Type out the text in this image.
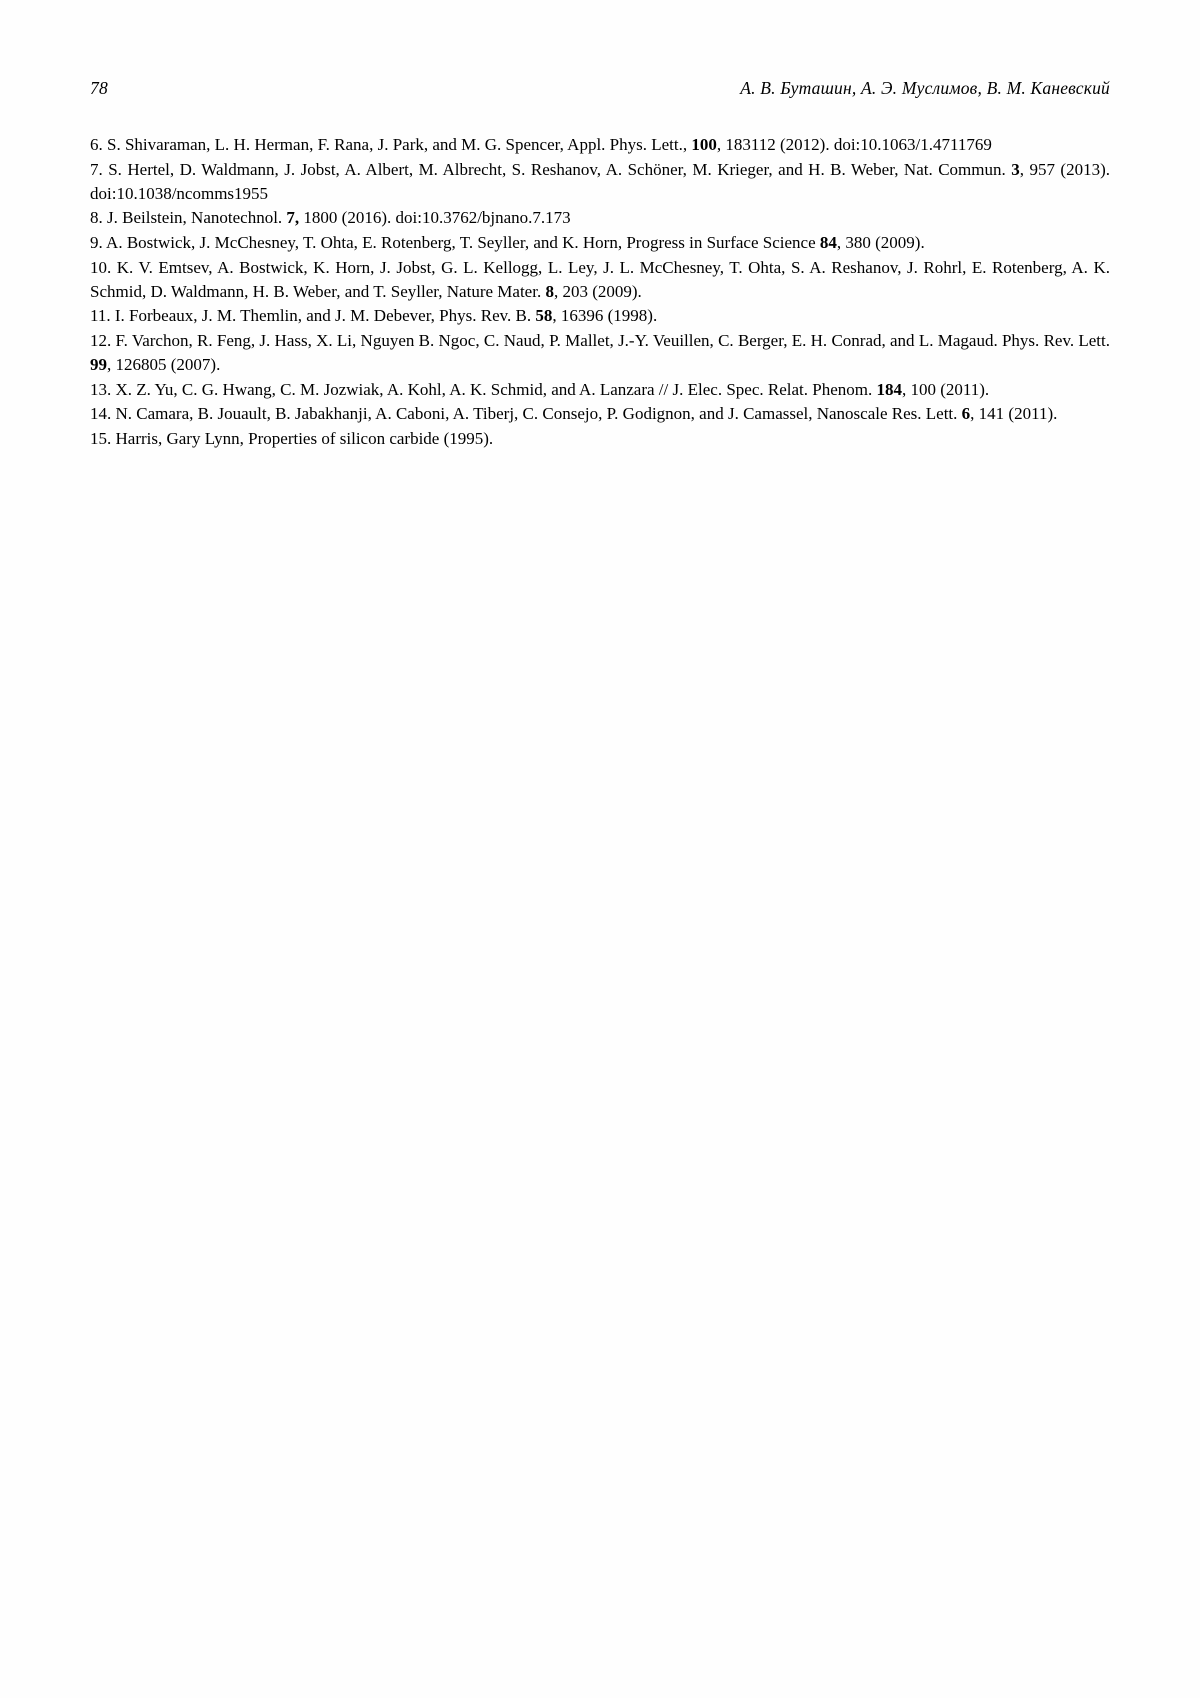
78	А. В. Буташин, А. Э. Муслимов, В. М. Каневский

6. S. Shivaraman, L. H. Herman, F. Rana, J. Park, and M. G. Spencer, Appl. Phys. Lett., 100, 183112 (2012). doi:10.1063/1.4711769

7. S. Hertel, D. Waldmann, J. Jobst, A. Albert, M. Albrecht, S. Reshanov, A. Schöner, M. Krieger, and H. B. Weber, Nat. Commun. 3, 957 (2013). doi:10.1038/ncomms1955

8. J. Beilstein, Nanotechnol. 7, 1800 (2016). doi:10.3762/bjnano.7.173

9. A. Bostwick, J. McChesney, T. Ohta, E. Rotenberg, T. Seyller, and K. Horn, Progress in Surface Science 84, 380 (2009).

10. K. V. Emtsev, A. Bostwick, K. Horn, J. Jobst, G. L. Kellogg, L. Ley, J. L. McChesney, T. Ohta, S. A. Reshanov, J. Rohrl, E. Rotenberg, A. K. Schmid, D. Waldmann, H. B. Weber, and T. Seyller, Nature Mater. 8, 203 (2009).

11. I. Forbeaux, J. M. Themlin, and J. M. Debever, Phys. Rev. B. 58, 16396 (1998).

12. F. Varchon, R. Feng, J. Hass, X. Li, Nguyen B. Ngoc, C. Naud, P. Mallet, J.-Y. Veuillen, C. Berger, E. H. Conrad, and L. Magaud. Phys. Rev. Lett. 99, 126805 (2007).

13. X. Z. Yu, C. G. Hwang, C. M. Jozwiak, A. Kohl, A. K. Schmid, and A. Lanzara // J. Elec. Spec. Relat. Phenom. 184, 100 (2011).

14. N. Camara, B. Jouault, B. Jabakhanji, A. Caboni, A. Tiberj, C. Consejo, P. Godignon, and J. Camassel, Nanoscale Res. Lett. 6, 141 (2011).

15. Harris, Gary Lynn, Properties of silicon carbide (1995).
